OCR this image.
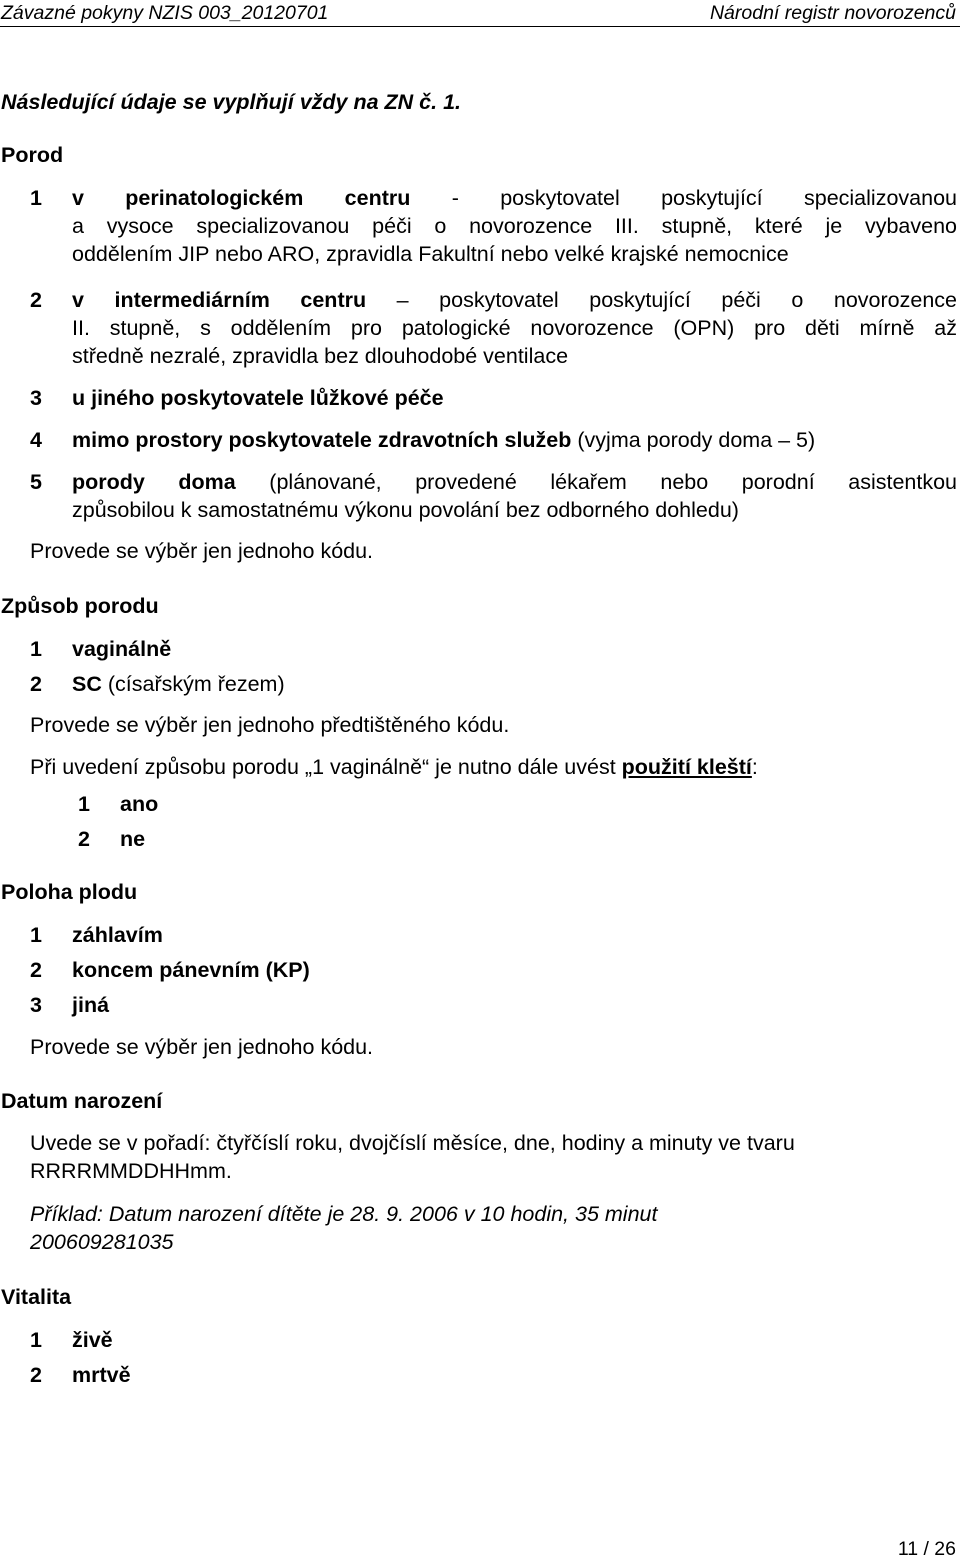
Závazné pokyny NZIS 003_20120701	Národní registr novorozenců
Následující údaje se vyplňují vždy na ZN č. 1.
Porod
1 v perinatologickém centru - poskytovatel poskytující specializovanou
a vysoce specializovanou péči o novorozence III. stupně, které je vybaveno
oddělením JIP nebo ARO, zpravidla Fakultní nebo velké krajské nemocnice
2 v intermediárním centru – poskytovatel poskytující péči o novorozence
II. stupně, s oddělením pro patologické novorozence (OPN) pro děti mírně až
středně nezralé, zpravidla bez dlouhodobé ventilace
3 u jiného poskytovatele lůžkové péče
4 mimo prostory poskytovatele zdravotních služeb (vyjma porody doma – 5)
5 porody doma (plánované, provedené lékařem nebo porodní asistentkou
způsobilou k samostatnému výkonu povolání bez odborného dohledu)
Provede se výběr jen jednoho kódu.
Způsob porodu
1 vaginálně
2 SC (císařským řezem)
Provede se výběr jen jednoho předtištěného kódu.
Při uvedení způsobu porodu „1 vaginálně“ je nutno dále uvést použití kleští:
1 ano
2 ne
Poloha plodu
1 záhlavím
2 koncem pánevním (KP)
3 jiná
Provede se výběr jen jednoho kódu.
Datum narození
Uvede se v pořadí: čtyřčíslí roku, dvojčíslí měsíce, dne, hodiny a minuty ve tvaru
RRRRMMDDHHmm.
Příklad: Datum narození dítěte je 28. 9. 2006 v 10 hodin, 35 minut
200609281035
Vitalita
1 živě
2 mrtvě
11 / 26
